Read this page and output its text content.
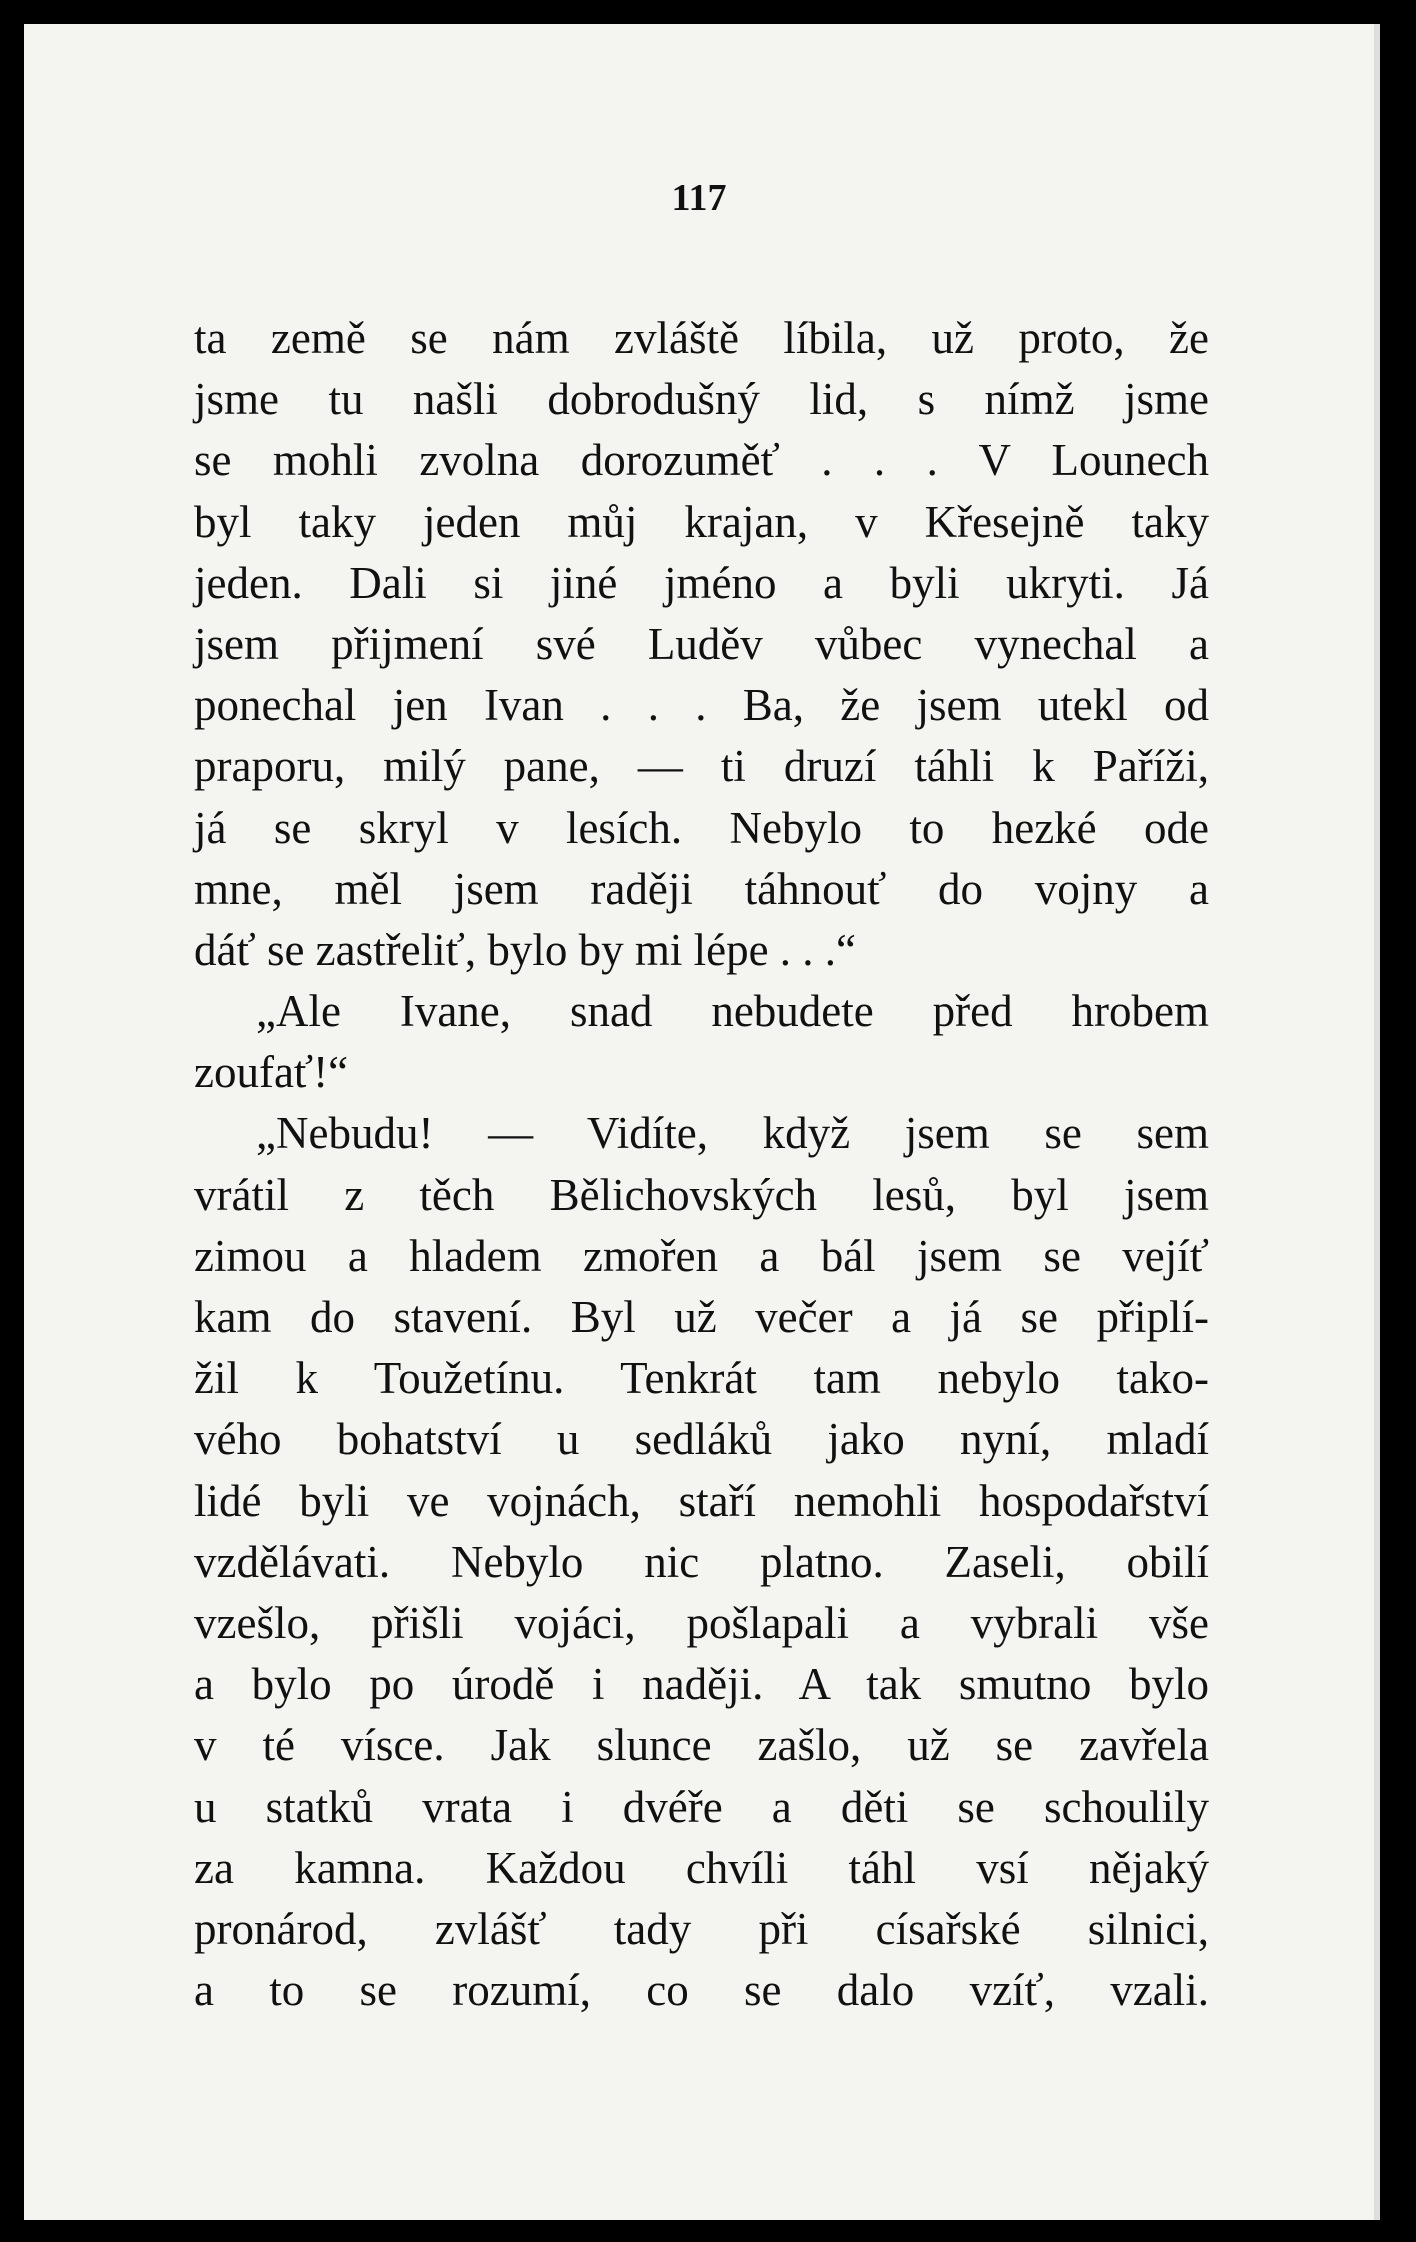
117
ta země se nám zvláště líbila, už proto, že
jsme tu našli dobrodušný lid, s nímž jsme
se mohli zvolna dorozuměť . . . V Lounech
byl taky jeden můj krajan, v Křesejně taky
jeden. Dali si jiné jméno a byli ukryti. Já
jsem přijmení své Luděv vůbec vynechal a
ponechal jen Ivan . . . Ba, že jsem utekl od
praporu, milý pane, — ti druzí táhli k Paříži,
já se skryl v lesích. Nebylo to hezké ode
mne, měl jsem raději táhnouť do vojny a
dáť se zastřeliť, bylo by mi lépe . . .“
„Ale Ivane, snad nebudete před hrobem
zoufať!“
„Nebudu! — Vidíte, když jsem se sem
vrátil z těch Bělichovských lesů, byl jsem
zimou a hladem zmořen a bál jsem se vejíť
kam do stavení. Byl už večer a já se připlí-
žil k Toužetínu. Tenkrát tam nebylo tako-
vého bohatství u sedláků jako nyní, mladí
lidé byli ve vojnách, staří nemohli hospodařství
vzdělávati. Nebylo nic platno. Zaseli, obilí
vzešlo, přišli vojáci, pošlapali a vybrali vše
a bylo po úrodě i naději. A tak smutno bylo
v té vísce. Jak slunce zašlo, už se zavřela
u statků vrata i dvéře a děti se schoulily
za kamna. Každou chvíli táhl vsí nějaký
pronárod, zvlášť tady při císařské silnici,
a to se rozumí, co se dalo vzíť, vzali.
